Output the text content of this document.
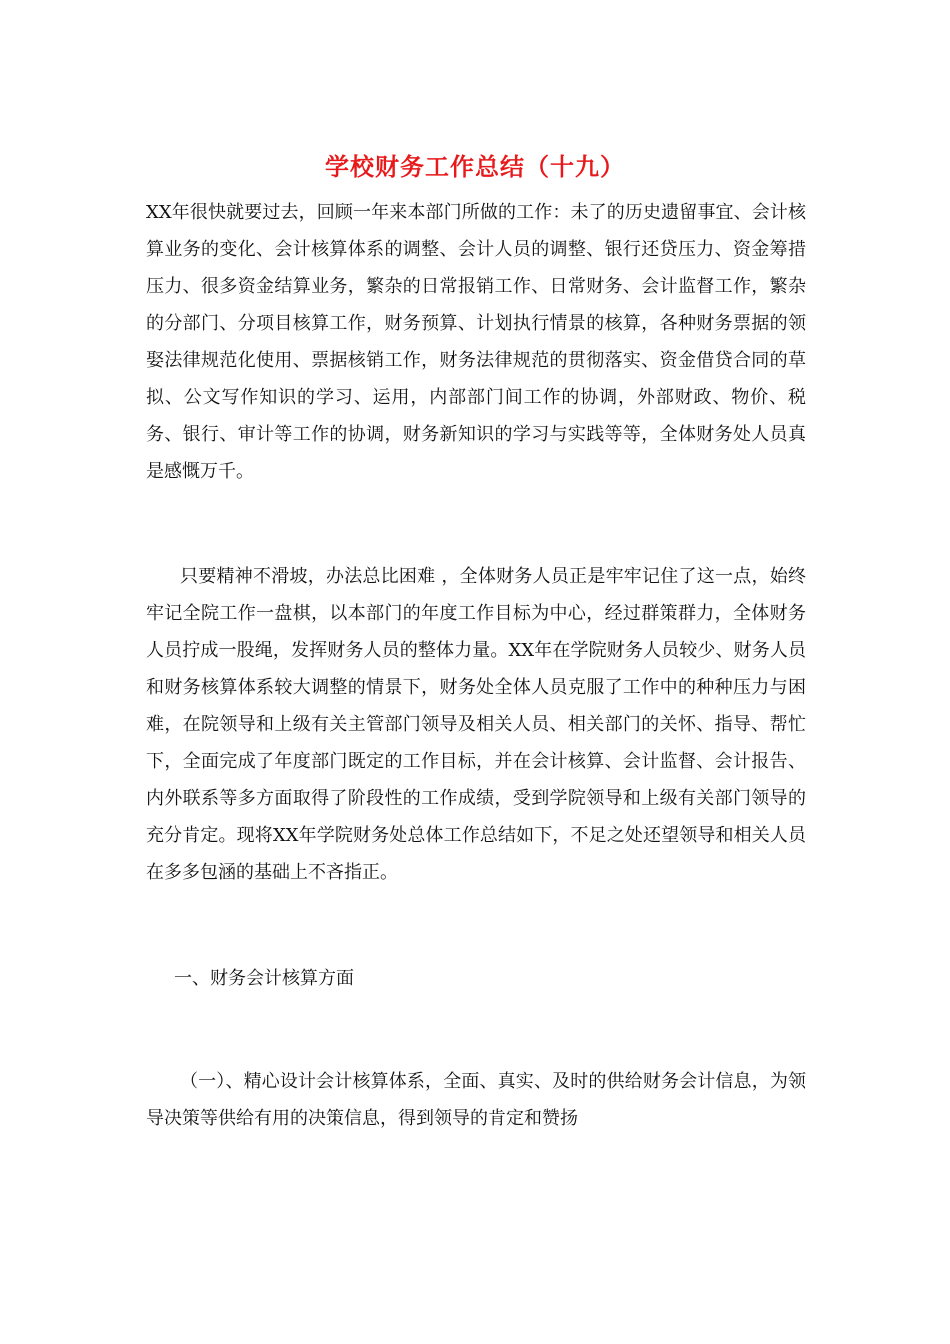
学校财务工作总结（十九）
XX年很快就要过去，回顾一年来本部门所做的工作：未了的历史遗留事宜、会计核算业务的变化、会计核算体系的调整、会计人员的调整、银行还贷压力、资金筹措压力、很多资金结算业务，繁杂的日常报销工作、日常财务、会计监督工作，繁杂的分部门、分项目核算工作，财务预算、计划执行情景的核算，各种财务票据的领娶法律规范化使用、票据核销工作，财务法律规范的贯彻落实、资金借贷合同的草拟、公文写作知识的学习、运用，内部部门间工作的协调，外部财政、物价、税务、银行、审计等工作的协调，财务新知识的学习与实践等等，全体财务处人员真是感慨万千。
只要精神不滑坡，办法总比困难 ，全体财务人员正是牢牢记住了这一点，始终牢记全院工作一盘棋，以本部门的年度工作目标为中心，经过群策群力，全体财务人员拧成一股绳，发挥财务人员的整体力量。XX年在学院财务人员较少、财务人员和财务核算体系较大调整的情景下，财务处全体人员克服了工作中的种种压力与困难，在院领导和上级有关主管部门领导及相关人员、相关部门的关怀、指导、帮忙下，全面完成了年度部门既定的工作目标，并在会计核算、会计监督、会计报告、内外联系等多方面取得了阶段性的工作成绩，受到学院领导和上级有关部门领导的充分肯定。现将XX年学院财务处总体工作总结如下，不足之处还望领导和相关人员在多多包涵的基础上不吝指正。
一、财务会计核算方面
（一）、精心设计会计核算体系，全面、真实、及时的供给财务会计信息，为领导决策等供给有用的决策信息，得到领导的肯定和赞扬
